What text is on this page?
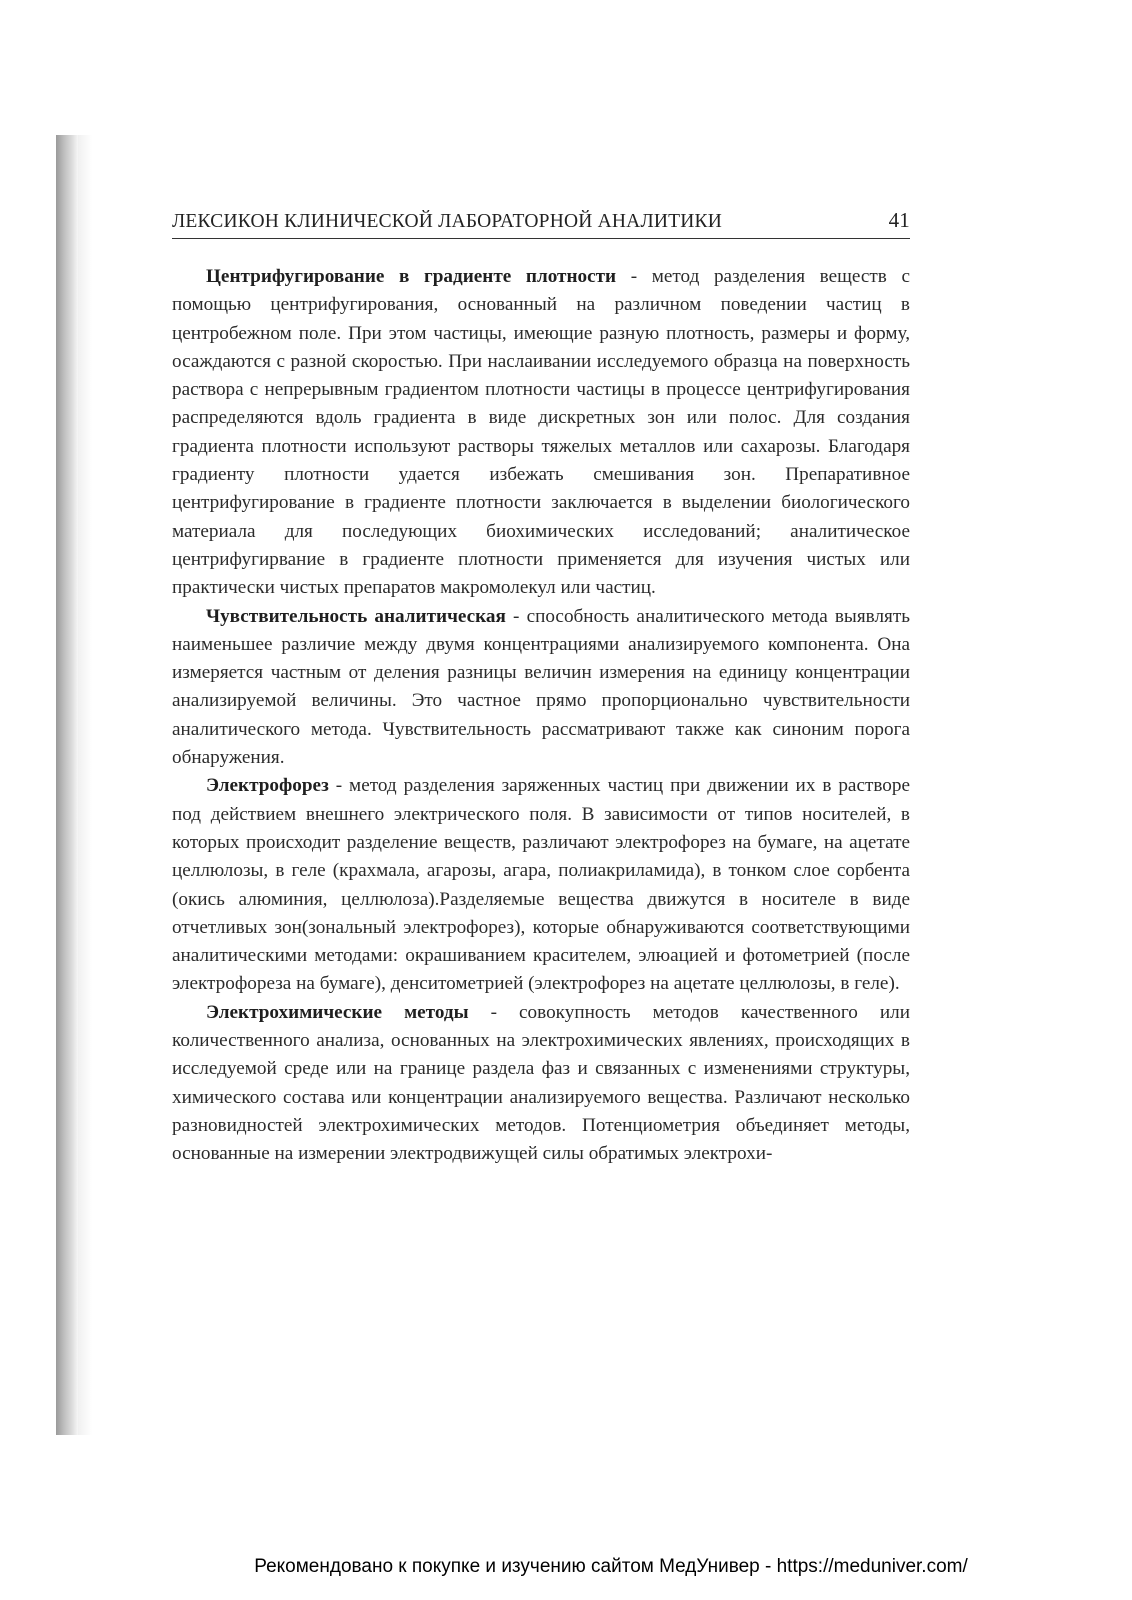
ЛЕКСИКОН КЛИНИЧЕСКОЙ ЛАБОРАТОРНОЙ АНАЛИТИКИ	41

Центрифугирование в градиенте плотности - метод разделения веществ с помощью центрифугирования, основанный на различном поведении частиц в центробежном поле. При этом частицы, имеющие разную плотность, размеры и форму, осаждаются с разной скоростью. При наслаивании исследуемого образца на поверхность раствора с непрерывным градиентом плотности частицы в процессе центрифугирования распределяются вдоль градиента в виде дискретных зон или полос. Для создания градиента плотности используют растворы тяжелых металлов или сахарозы. Благодаря градиенту плотности удается избежать смешивания зон. Препаративное центрифугирование в градиенте плотности заключается в выделении биологического материала для последующих биохимических исследований; аналитическое центрифугирвание в градиенте плотности применяется для изучения чистых или практически чистых препаратов макромолекул или частиц.

Чувствительность аналитическая - способность аналитического метода выявлять наименьшее различие между двумя концентрациями анализируемого компонента. Она измеряется частным от деления разницы величин измерения на единицу концентрации анализируемой величины. Это частное прямо пропорционально чувствительности аналитического метода. Чувствительность рассматривают также как синоним порога обнаружения.

Электрофорез - метод разделения заряженных частиц при движении их в растворе под действием внешнего электрического поля. В зависимости от типов носителей, в которых происходит разделение веществ, различают электрофорез на бумаге, на ацетате целлюлозы, в геле (крахмала, агарозы, агара, полиакриламида), в тонком слое сорбента (окись алюминия, целлюлоза).Разделяемые вещества движутся в носителе в виде отчетливых зон(зональный электрофорез), которые обнаруживаются соответствующими аналитическими методами: окрашиванием красителем, элюацией и фотометрией (после электрофореза на бумаге), денситометрией (электрофорез на ацетате целлюлозы, в геле).

Электрохимические методы - совокупность методов качественного или количественного анализа, основанных на электрохимических явлениях, происходящих в исследуемой среде или на границе раздела фаз и связанных с изменениями структуры, химического состава или концентрации анализируемого вещества. Различают несколько разновидностей электрохимических методов. Потенциометрия объединяет методы, основанные на измерении электродвижущей силы обратимых электрохи-

Рекомендовано к покупке и изучению сайтом МедУнивер - https://meduniver.com/
